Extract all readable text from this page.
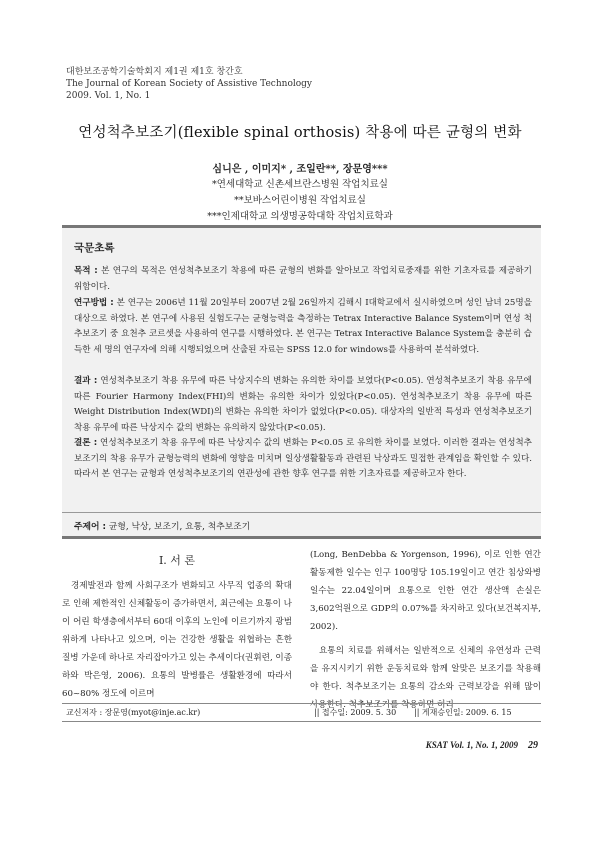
대한보조공학기술학회지 제1권 제1호 창간호
The Journal of Korean Society of Assistive Technology
2009. Vol. 1, No. 1
연성척추보조기(flexible spinal orthosis) 착용에 따른 균형의 변화
심니은 , 이미지* , 조일란**, 장문영***
*연세대학교 신촌세브란스병원 작업치료실
**보바스어린이병원 작업치료실
***인제대학교 의생명공학대학 작업치료학과
국문초록
목적 : 본 연구의 목적은 연성척추보조기 착용에 따른 균형의 변화를 알아보고 작업치료중재를 위한 기초자료를 제공하기 위함이다.
연구방법 : 본 연구는 2006년 11월 20일부터 2007년 2월 26일까지 김해시 I대학교에서 실시하였으며 성인 남녀 25명을 대상으로 하였다. 본 연구에 사용된 실험도구는 균형능력을 측정하는 Tetrax Interactive Balance System이며 연성 척추보조기 중 요천추 코르셋을 사용하여 연구를 시행하였다. 본 연구는 Tetrax Interactive Balance System을 충분히 습득한 세 명의 연구자에 의해 시행되었으며 산출된 자료는 SPSS 12.0 for windows를 사용하여 분석하였다.
결과 : 연성척추보조기 착용 유무에 따른 낙상지수의 변화는 유의한 차이를 보였다(P<0.05). 연성척추보조기 착용 유무에 따른 Fourier Harmony Index(FHI)의 변화는 유의한 차이가 있었다(P<0.05). 연성척추보조기 착용 유무에 따른Weight Distribution Index(WDI)의 변화는 유의한 차이가 없었다(P<0.05). 대상자의 일반적 특성과 연성척추보조기 착용 유무에 따른 낙상지수 값의 변화는 유의하지 않았다(P<0.05).
결론 : 연성척추보조기 착용 유무에 따른 낙상지수 값의 변화는 P<0.05 로 유의한 차이를 보였다. 이러한 결과는 연성척추보조기의 착용 유무가 균형능력의 변화에 영향을 미치며 일상생활활동과 관련된 낙상과도 밀접한 관계임을 확인할 수 있다. 따라서 본 연구는 균형과 연성척추보조기의 연관성에 관한 향후 연구를 위한 기초자료를 제공하고자 한다.
주제어 : 균형, 낙상, 보조기, 요통, 척추보조기
Ⅰ. 서 론

경제발전과 함께 사회구조가 변화되고 사무직 업종의 확대로 인해 제한적인 신체활동이 증가하면서, 최근에는 요통이 나이 어린 학생층에서부터 60대 이후의 노인에 이르기까지 광범위하게 나타나고 있으며, 이는 건강한 생활을 위협하는 흔한 질병 가운데 하나로 자리잡아가고 있는 추세이다(권휘련, 이종하와 박은영, 2006). 요통의 발병률은 생활환경에 따라서 60~80% 정도에 이르며

(Long, BenDebba & Yorgenson, 1996), 이로 인한 연간 활동제한 일수는 인구 100명당 105.19일이고 연간 침상와병 일수는 22.04일이며 요통으로 인한 연간 생산액 손실은 3,602억원으로 GDP의 0.07%를 차지하고 있다(보건복지부, 2002).

요통의 치료를 위해서는 일반적으로 신체의 유연성과 근력을 유지시키기 위한 운동치료와 함께 알맞은 보조기를 착용해야 한다. 척추보조기는 요통의 감소와 근력보강을 위해 많이 사용한다. 척추보조기를 착용하면 허리

교신저자 : 장문영(myot@inje.ac.kr)	|| 접수일: 2009. 5. 30 || 게재승인일: 2009. 6. 15
KSAT Vol. 1, No. 1, 2009 29
